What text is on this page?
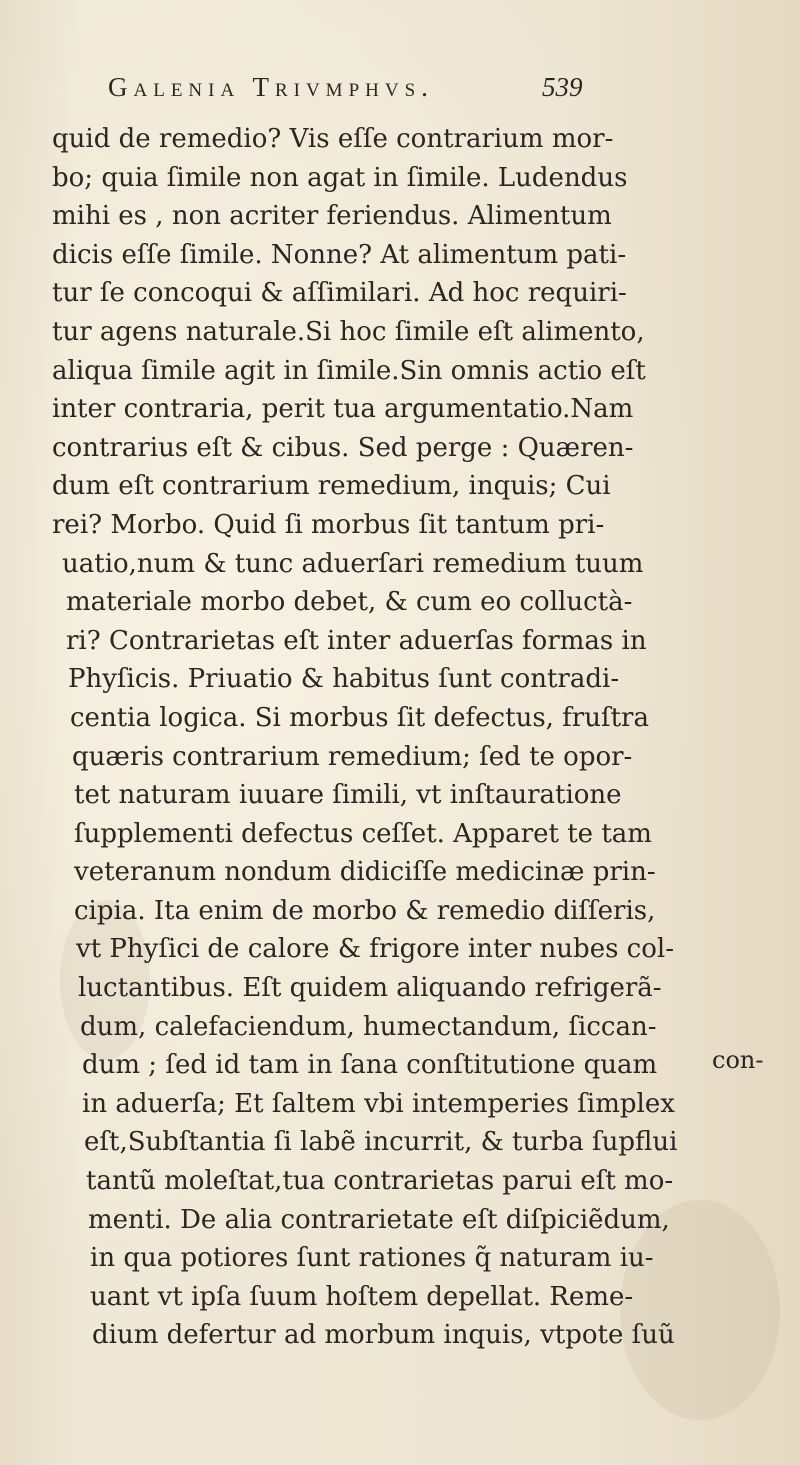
Galenia Trivmphvs.	539
quid de remedio? Vis eſſe contrarium mor-
bo; quia ſimile non agat in ſimile. Ludendus
mihi es , non acriter feriendus. Alimentum
dicis eſſe ſimile. Nonne? At alimentum pati-
tur ſe concoqui & aſſimilari. Ad hoc requiri-
tur agens naturale.Si hoc ſimile eſt alimento,
aliqua ſimile agit in ſimile.Sin omnis actio eſt
inter contraria, perit tua argumentatio.Nam
contrarius eſt & cibus. Sed perge : Quæren-
dum eſt contrarium remedium, inquis; Cui
rei? Morbo. Quid ſi morbus ſit tantum pri-
uatio,num & tunc aduerſari remedium tuum
materiale morbo debet, & cum eo colluctà-
ri? Contrarietas eſt inter aduerſas formas in
Phyſicis. Priuatio & habitus ſunt contradi-
centia logica. Si morbus ſit defectus, fruſtra
quæris contrarium remedium; ſed te opor-
tet naturam iuuare ſimili, vt inſtauratione
ſupplementi defectus ceſſet. Apparet te tam
veteranum nondum didiciſſe medicinæ prin-
cipia. Ita enim de morbo & remedio diſſeris,
vt Phyſici de calore & frigore inter nubes col-
luctantibus. Eſt quidem aliquando refrigerã-
dum, calefaciendum, humectandum, ſiccan-
dum ; ſed id tam in ſana conſtitutione quam
in aduerſa; Et ſaltem vbi intemperies ſimplex
eſt,Subſtantia ſi labẽ incurrit, & turba ſupflui
tantũ moleſtat,tua contrarietas parui eſt mo-
menti. De alia contrarietate eſt diſpiciẽdum,
in qua potiores ſunt rationes q̃ naturam iu-
uant vt ipſa ſuum hoſtem depellat. Reme-
dium defertur ad morbum inquis, vtpote ſuũ
con-
